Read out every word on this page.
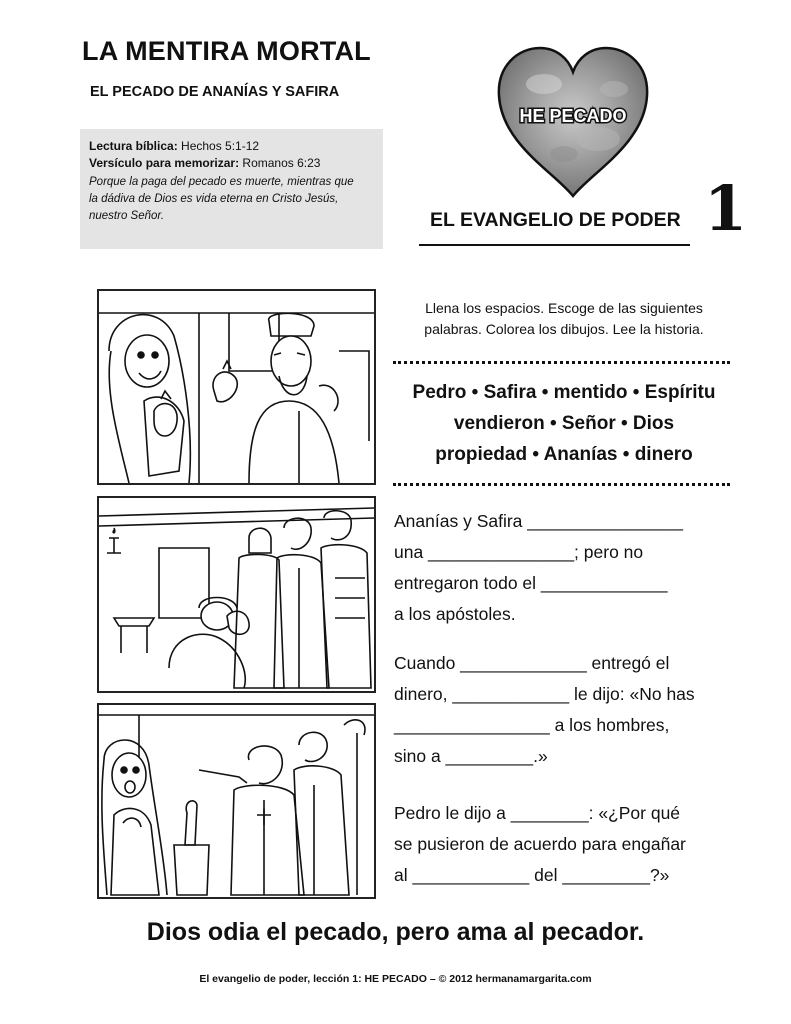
LA MENTIRA MORTAL
EL PECADO DE ANANÍAS Y SAFIRA
Lectura bíblica: Hechos 5:1-12
Versículo para memorizar: Romanos 6:23
Porque la paga del pecado es muerte, mientras que
la dádiva de Dios es vida eterna en Cristo Jesús,
nuestro Señor.
HE PECADO
EL EVANGELIO DE PODER 1
Llena los espacios. Escoge de las siguientes
palabras. Colorea los dibujos. Lee la historia.
Pedro • Safira • mentido • Espíritu
vendieron • Señor • Dios
propiedad • Ananías • dinero
Ananías y Safira ________________
una _______________; pero no
entregaron todo el _____________
a los apóstoles.
Cuando _____________ entregó el
dinero, ____________ le dijo: «No has
________________ a los hombres,
sino a _________.»
Pedro le dijo a ________: «¿Por qué
se pusieron de acuerdo para engañar
al ____________ del _________?»
Dios odia el pecado, pero ama al pecador.
El evangelio de poder, lección 1: HE PECADO – © 2012 hermanamargarita.com
